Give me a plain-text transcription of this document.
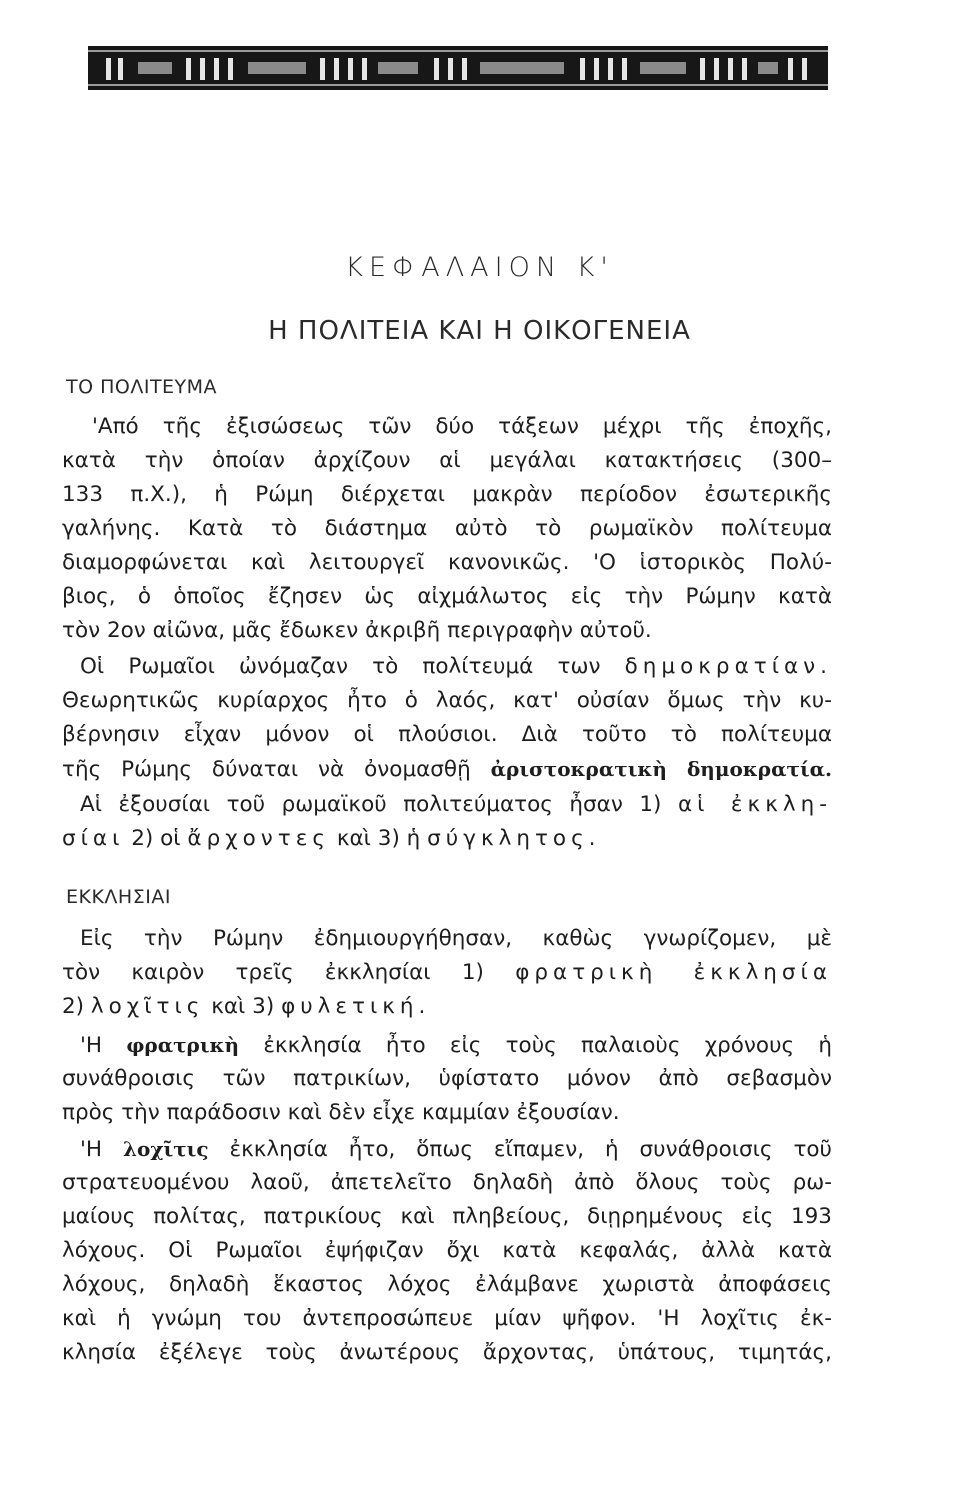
ΚΕΦΑΛΑΙΟΝ Κ'
Η ΠΟΛΙΤΕΙΑ ΚΑΙ Η ΟΙΚΟΓΕΝΕΙΑ
ΤΟ ΠΟΛΙΤΕΥΜΑ
'Από τῆς ἐξισώσεως τῶν δύο τάξεων μέχρι τῆς ἐποχῆς,
κατὰ τὴν ὁποίαν ἀρχίζουν αἱ μεγάλαι κατακτήσεις (300–
133 π.Χ.), ἡ Ρώμη διέρχεται μακρὰν περίοδον ἐσωτερικῆς
γαλήνης. Κατὰ τὸ διάστημα αὐτὸ τὸ ρωμαϊκὸν πολίτευμα
διαμορφώνεται καὶ λειτουργεῖ κανονικῶς. 'Ο ἱστορικὸς Πολύ-
βιος, ὁ ὁποῖος ἔζησεν ὡς αἰχμάλωτος εἰς τὴν Ρώμην κατὰ
τὸν 2ον αἰῶνα, μᾶς ἔδωκεν ἀκριβῆ περιγραφὴν αὐτοῦ.
Οἱ Ρωμαῖοι ὠνόμαζαν τὸ πολίτευμά των δημοκρατίαν.
Θεωρητικῶς κυρίαρχος ἦτο ὁ λαός, κατ' οὐσίαν ὅμως τὴν κυ-
βέρνησιν εἶχαν μόνον οἱ πλούσιοι. Διὰ τοῦτο τὸ πολίτευμα
τῆς Ρώμης δύναται νὰ ὀνομασθῇ ἀριστοκρατικὴ δημοκρατία.
Αἱ ἐξουσίαι τοῦ ρωμαϊκοῦ πολιτεύματος ἦσαν 1) αἱ ἐκκλη-
σίαι 2) οἱ ἄρχοντες καὶ 3) ἡ σύγκλητος.
ΕΚΚΛΗΣΙΑΙ
Εἰς τὴν Ρώμην ἐδημιουργήθησαν, καθὼς γνωρίζομεν, μὲ
τὸν καιρὸν τρεῖς ἐκκλησίαι 1) φρατρικὴ ἐκκλησία
2) λοχῖτις καὶ 3) φυλετική.
'Η φρατρικὴ ἐκκλησία ἦτο εἰς τοὺς παλαιοὺς χρόνους ἡ
συνάθροισις τῶν πατρικίων, ὑφίστατο μόνον ἀπὸ σεβασμὸν
πρὸς τὴν παράδοσιν καὶ δὲν εἶχε καμμίαν ἐξουσίαν.
'Η λοχῖτις ἐκκλησία ἦτο, ὅπως εἴπαμεν, ἡ συνάθροισις τοῦ
στρατευομένου λαοῦ, ἀπετελεῖτο δηλαδὴ ἀπὸ ὅλους τοὺς ρω-
μαίους πολίτας, πατρικίους καὶ πληβείους, διῃρημένους εἰς 193
λόχους. Οἱ Ρωμαῖοι ἐψήφιζαν ὄχι κατὰ κεφαλάς, ἀλλὰ κατὰ
λόχους, δηλαδὴ ἕκαστος λόχος ἐλάμβανε χωριστὰ ἀποφάσεις
καὶ ἡ γνώμη του ἀντεπροσώπευε μίαν ψῆφον. 'Η λοχῖτις ἐκ-
κλησία ἐξέλεγε τοὺς ἀνωτέρους ἄρχοντας, ὑπάτους, τιμητάς,
